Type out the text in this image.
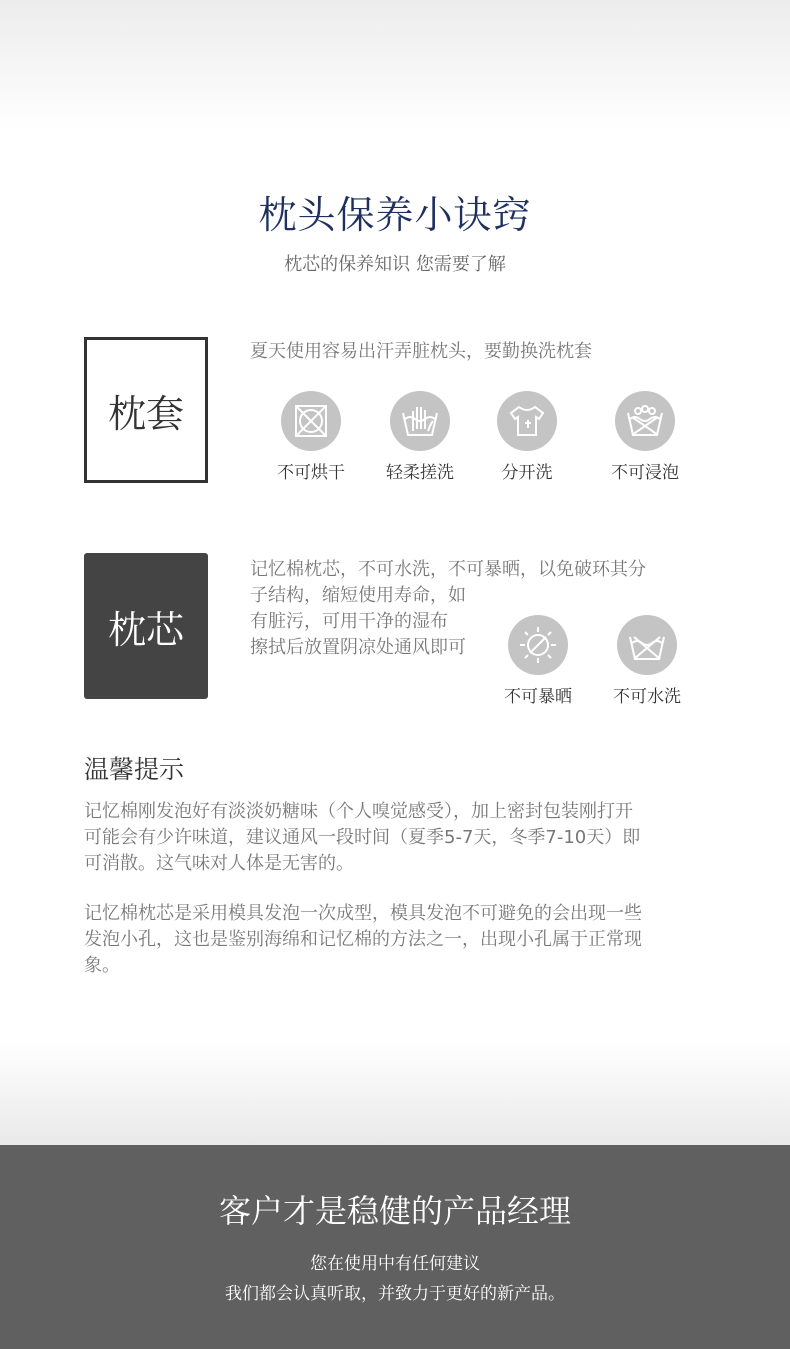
枕头保养小诀窍
枕芯的保养知识 您需要了解
枕套
夏天使用容易出汗弄脏枕头，要勤换洗枕套
不可烘干	轻柔搓洗	分开洗	不可浸泡
枕芯
记忆棉枕芯，不可水洗，不可暴晒，以免破环其分
子结构，缩短使用寿命，如
有脏污，可用干净的湿布
擦拭后放置阴凉处通风即可
不可暴晒	不可水洗
温馨提示
记忆棉刚发泡好有淡淡奶糖味（个人嗅觉感受），加上密封包装刚打开
可能会有少许味道，建议通风一段时间（夏季5-7天，冬季7-10天）即
可消散。这气味对人体是无害的。
记忆棉枕芯是采用模具发泡一次成型，模具发泡不可避免的会出现一些
发泡小孔，这也是鉴别海绵和记忆棉的方法之一，出现小孔属于正常现
象。
客户才是稳健的产品经理
您在使用中有任何建议
我们都会认真听取，并致力于更好的新产品。
